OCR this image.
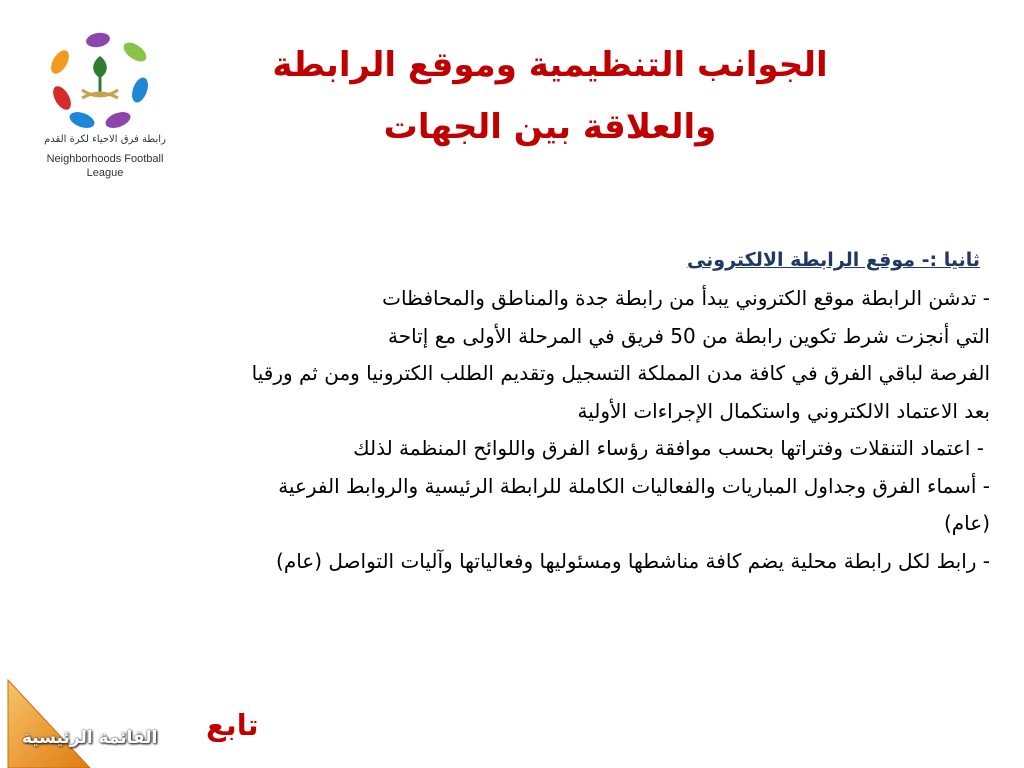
رابطة فرق الاحياء لكرة القدم
Neighborhoods Football
League
الجوانب التنظيمية وموقع الرابطة
والعلاقة بين الجهات
ثانيا :- موقع الرابطة الالكترونى
- تدشن الرابطة موقع الكتروني يبدأ من رابطة جدة والمناطق والمحافظات
التي أنجزت شرط تكوين رابطة من 50 فريق في المرحلة الأولى مع إتاحة
الفرصة لباقي الفرق في كافة مدن المملكة التسجيل وتقديم الطلب الكترونيا ومن ثم ورقيا
بعد الاعتماد الالكتروني واستكمال الإجراءات الأولية
- اعتماد التنقلات وفتراتها بحسب موافقة رؤساء الفرق واللوائح المنظمة لذلك
- أسماء الفرق وجداول المباريات والفعاليات الكاملة للرابطة الرئيسية والروابط الفرعية
(عام)
- رابط لكل رابطة محلية يضم كافة مناشطها ومسئوليها وفعالياتها وآليات التواصل (عام)
تابع
القائمة الرئيسية
